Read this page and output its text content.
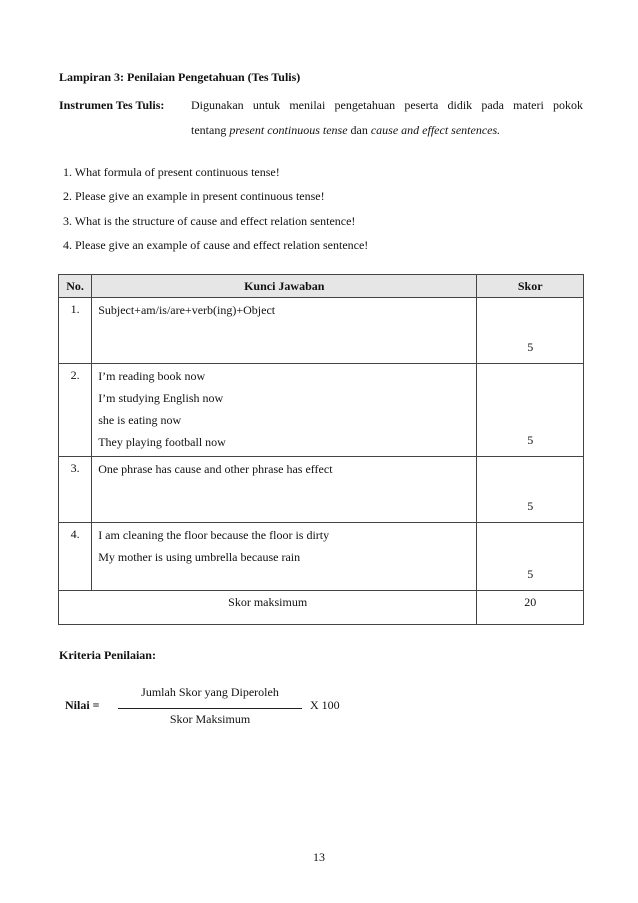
Lampiran 3: Penilaian Pengetahuan (Tes Tulis)
Instrumen Tes Tulis: Digunakan untuk menilai pengetahuan peserta didik pada materi pokok
tentang present continuous tense dan cause and effect sentences.
1. What formula of present continuous tense!
2. Please give an example in present continuous tense!
3. What is the structure of cause and effect relation sentence!
4. Please give an example of cause and effect relation sentence!
No.	Kunci Jawaban	Skor
1.	Subject+am/is/are+verb(ing)+Object	5
2.	I’m reading book now
I’m studying English now
she is eating now
They playing football now	5
3.	One phrase has cause and other phrase has effect	5
4.	I am cleaning the floor because the floor is dirty
My mother is using umbrella because rain	5
Skor maksimum		20
Kriteria Penilaian:
Nilai =
Jumlah Skor yang Diperoleh
Skor Maksimum
X 100
13
